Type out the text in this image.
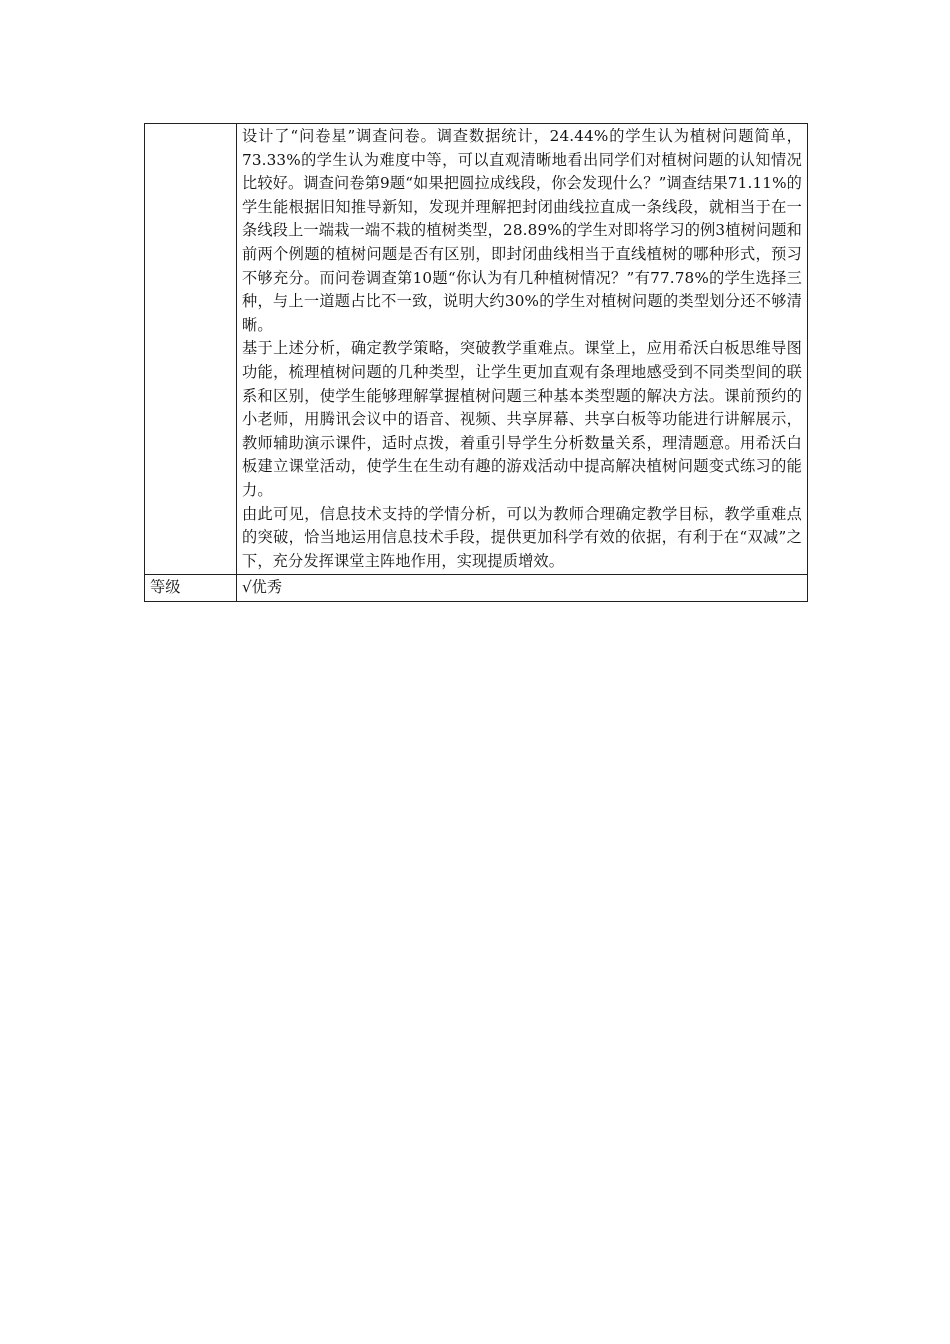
	设计了“问卷星”调查问卷。调查数据统计，24.44%的学生认为植树问题简单，73.33%的学生认为难度中等，可以直观清晰地看出同学们对植树问题的认知情况比较好。调查问卷第9题“如果把圆拉成线段，你会发现什么？”调查结果71.11%的学生能根据旧知推导新知，发现并理解把封闭曲线拉直成一条线段，就相当于在一条线段上一端栽一端不栽的植树类型，28.89%的学生对即将学习的例3植树问题和前两个例题的植树问题是否有区别，即封闭曲线相当于直线植树的哪种形式，预习不够充分。而问卷调查第10题“你认为有几种植树情况？”有77.78%的学生选择三种，与上一道题占比不一致，说明大约30%的学生对植树问题的类型划分还不够清晰。

基于上述分析，确定教学策略，突破教学重难点。课堂上，应用希沃白板思维导图功能，梳理植树问题的几种类型，让学生更加直观有条理地感受到不同类型间的联系和区别，使学生能够理解掌握植树问题三种基本类型题的解决方法。课前预约的小老师，用腾讯会议中的语音、视频、共享屏幕、共享白板等功能进行讲解展示，教师辅助演示课件，适时点拨，着重引导学生分析数量关系，理清题意。用希沃白板建立课堂活动，使学生在生动有趣的游戏活动中提高解决植树问题变式练习的能力。

由此可见，信息技术支持的学情分析，可以为教师合理确定教学目标，教学重难点的突破，恰当地运用信息技术手段，提供更加科学有效的依据，有利于在“双减”之下，充分发挥课堂主阵地作用，实现提质增效。

等级	√优秀
